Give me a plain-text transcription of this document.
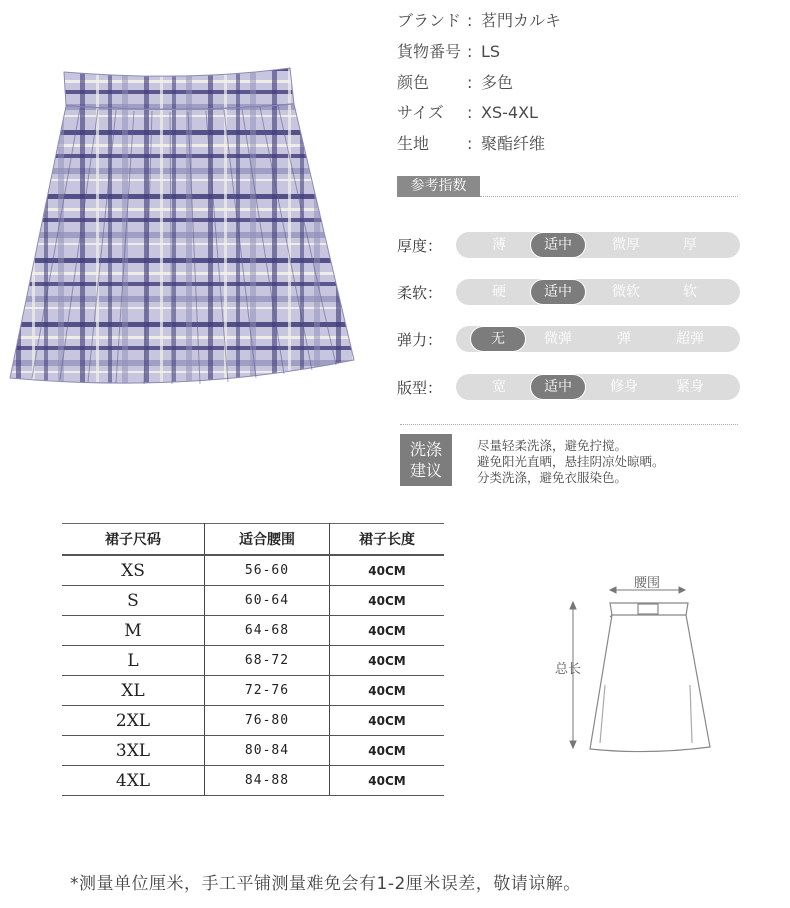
ブランド : 茗門カルキ
貨物番号 : LS
颜色 : 多色
サイズ : XS-4XL
生地 : 聚酯纤维
参考指数
厚度：	薄	适中	微厚	厚
柔软：	硬	适中	微软	软
弹力：	无	微弹	弹	超弹
版型：	宽	适中	修身	紧身
洗涤
建议
尽量轻柔洗涤，避免拧搅。
避免阳光直晒，悬挂阴凉处晾晒。
分类洗涤，避免衣服染色。
裙子尺码	适合腰围	裙子长度
XS	56-60	40CM
S	60-64	40CM
M	64-68	40CM
L	68-72	40CM
XL	72-76	40CM
2XL	76-80	40CM
3XL	80-84	40CM
4XL	84-88	40CM
腰围
总长
*测量单位厘米，手工平铺测量难免会有1-2厘米误差，敬请谅解。
